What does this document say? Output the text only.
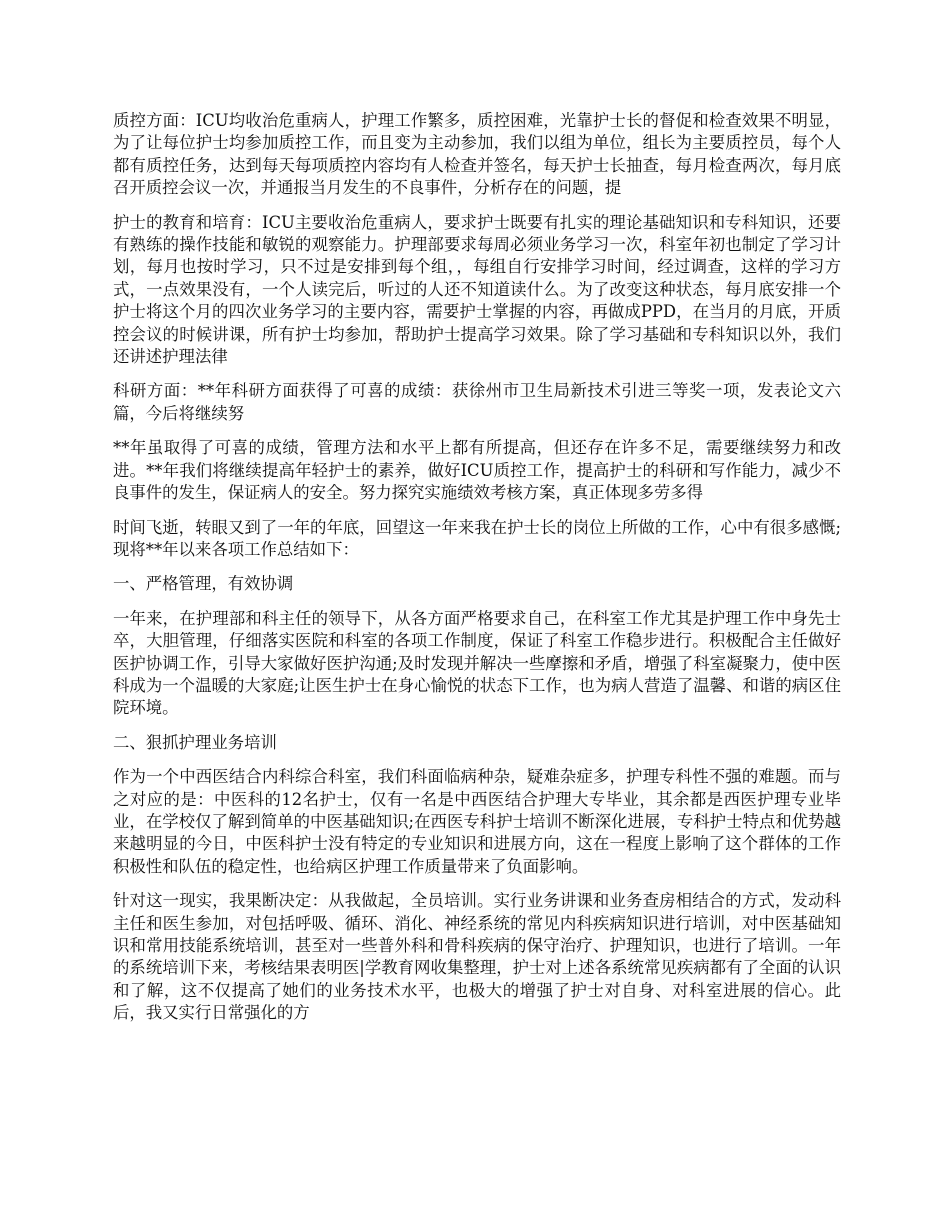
质控方面：ICU均收治危重病人，护理工作繁多，质控困难，光靠护士长的督促和检查效果不明显，为了让每位护士均参加质控工作，而且变为主动参加，我们以组为单位，组长为主要质控员，每个人都有质控任务，达到每天每项质控内容均有人检查并签名，每天护士长抽查，每月检查两次，每月底召开质控会议一次，并通报当月发生的不良事件，分析存在的问题，提

护士的教育和培育：ICU主要收治危重病人，要求护士既要有扎实的理论基础知识和专科知识，还要有熟练的操作技能和敏锐的观察能力。护理部要求每周必须业务学习一次，科室年初也制定了学习计划，每月也按时学习，只不过是安排到每个组，，每组自行安排学习时间，经过调查，这样的学习方式，一点效果没有，一个人读完后，听过的人还不知道读什么。为了改变这种状态，每月底安排一个护士将这个月的四次业务学习的主要内容，需要护士掌握的内容，再做成PPD，在当月的月底，开质控会议的时候讲课，所有护士均参加，帮助护士提高学习效果。除了学习基础和专科知识以外，我们还讲述护理法律

科研方面：**年科研方面获得了可喜的成绩：获徐州市卫生局新技术引进三等奖一项，发表论文六篇，今后将继续努

**年虽取得了可喜的成绩，管理方法和水平上都有所提高，但还存在许多不足，需要继续努力和改进。**年我们将继续提高年轻护士的素养，做好ICU质控工作，提高护士的科研和写作能力，减少不良事件的发生，保证病人的安全。努力探究实施绩效考核方案，真正体现多劳多得

时间飞逝，转眼又到了一年的年底，回望这一年来我在护士长的岗位上所做的工作，心中有很多感慨;现将**年以来各项工作总结如下：

一、严格管理，有效协调

一年来，在护理部和科主任的领导下，从各方面严格要求自己，在科室工作尤其是护理工作中身先士卒，大胆管理，仔细落实医院和科室的各项工作制度，保证了科室工作稳步进行。积极配合主任做好医护协调工作，引导大家做好医护沟通;及时发现并解决一些摩擦和矛盾，增强了科室凝聚力，使中医科成为一个温暖的大家庭;让医生护士在身心愉悦的状态下工作，也为病人营造了温馨、和谐的病区住院环境。

二、狠抓护理业务培训

作为一个中西医结合内科综合科室，我们科面临病种杂，疑难杂症多，护理专科性不强的难题。而与之对应的是：中医科的12名护士，仅有一名是中西医结合护理大专毕业，其余都是西医护理专业毕业，在学校仅了解到简单的中医基础知识;在西医专科护士培训不断深化进展，专科护士特点和优势越来越明显的今日，中医科护士没有特定的专业知识和进展方向，这在一程度上影响了这个群体的工作积极性和队伍的稳定性，也给病区护理工作质量带来了负面影响。

针对这一现实，我果断决定：从我做起，全员培训。实行业务讲课和业务查房相结合的方式，发动科主任和医生参加，对包括呼吸、循环、消化、神经系统的常见内科疾病知识进行培训，对中医基础知识和常用技能系统培训，甚至对一些普外科和骨科疾病的保守治疗、护理知识，也进行了培训。一年的系统培训下来，考核结果表明医|学教育网收集整理，护士对上述各系统常见疾病都有了全面的认识和了解，这不仅提高了她们的业务技术水平，也极大的增强了护士对自身、对科室进展的信心。此后，我又实行日常强化的方
